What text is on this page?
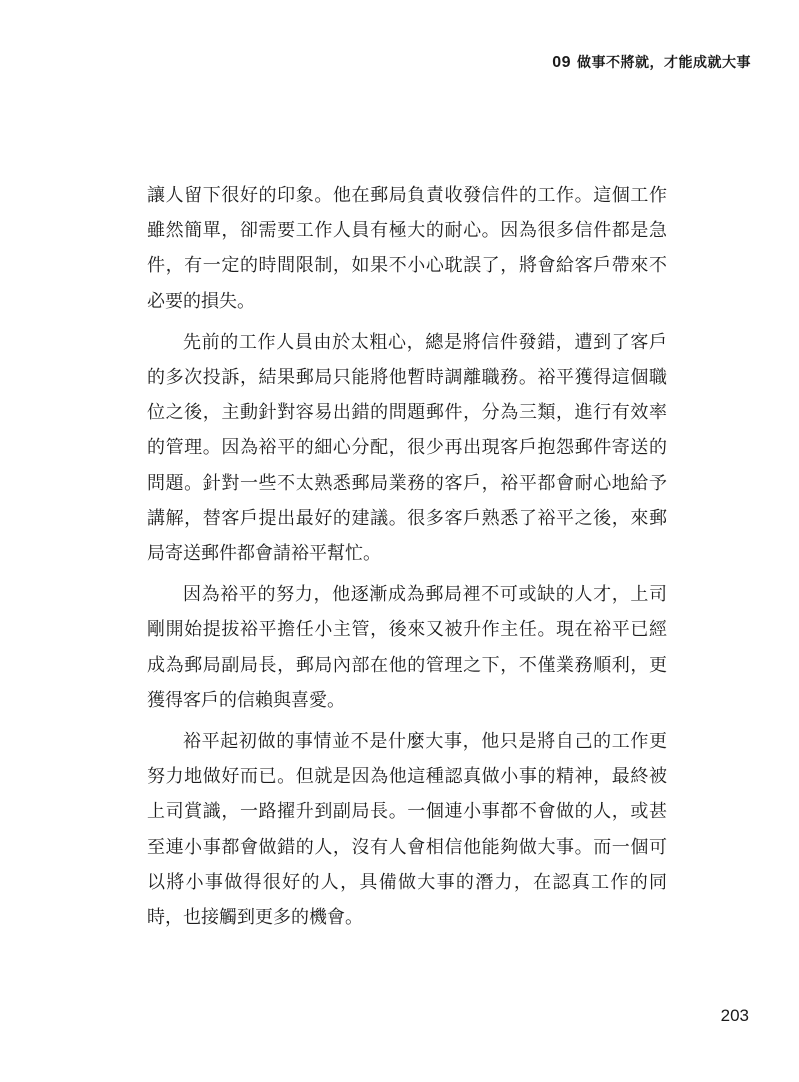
09 做事不將就，才能成就大事

讓人留下很好的印象。他在郵局負責收發信件的工作。這個工作雖然簡單，卻需要工作人員有極大的耐心。因為很多信件都是急件，有一定的時間限制，如果不小心耽誤了，將會給客戶帶來不必要的損失。

先前的工作人員由於太粗心，總是將信件發錯，遭到了客戶的多次投訴，結果郵局只能將他暫時調離職務。裕平獲得這個職位之後，主動針對容易出錯的問題郵件，分為三類，進行有效率的管理。因為裕平的細心分配，很少再出現客戶抱怨郵件寄送的問題。針對一些不太熟悉郵局業務的客戶，裕平都會耐心地給予講解，替客戶提出最好的建議。很多客戶熟悉了裕平之後，來郵局寄送郵件都會請裕平幫忙。

因為裕平的努力，他逐漸成為郵局裡不可或缺的人才，上司剛開始提拔裕平擔任小主管，後來又被升作主任。現在裕平已經成為郵局副局長，郵局內部在他的管理之下，不僅業務順利，更獲得客戶的信賴與喜愛。

裕平起初做的事情並不是什麼大事，他只是將自己的工作更努力地做好而已。但就是因為他這種認真做小事的精神，最終被上司賞識，一路擢升到副局長。一個連小事都不會做的人，或甚至連小事都會做錯的人，沒有人會相信他能夠做大事。而一個可以將小事做得很好的人，具備做大事的潛力，在認真工作的同時，也接觸到更多的機會。

203
